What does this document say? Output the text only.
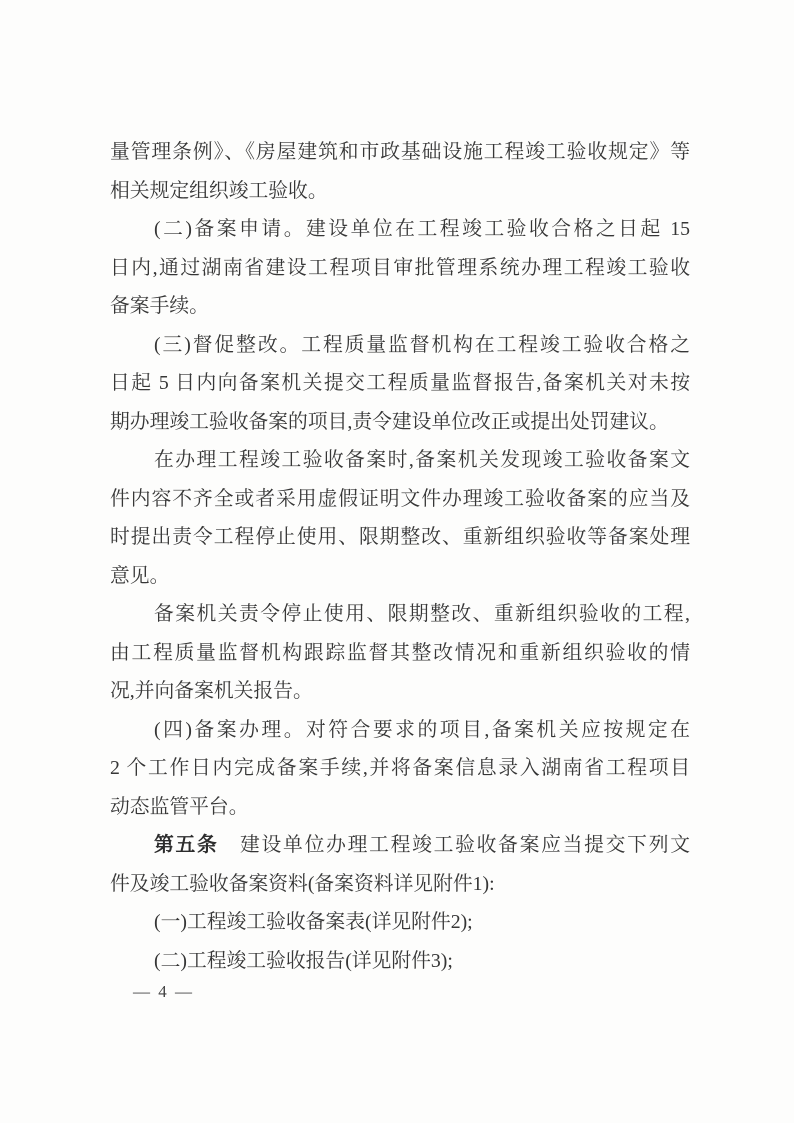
量管理条例》、《房屋建筑和市政基础设施工程竣工验收规定》等
相关规定组织竣工验收。
(二)备案申请。建设单位在工程竣工验收合格之日起 15
日内,通过湖南省建设工程项目审批管理系统办理工程竣工验收
备案手续。
(三)督促整改。工程质量监督机构在工程竣工验收合格之
日起 5 日内向备案机关提交工程质量监督报告,备案机关对未按
期办理竣工验收备案的项目,责令建设单位改正或提出处罚建议。
在办理工程竣工验收备案时,备案机关发现竣工验收备案文
件内容不齐全或者采用虚假证明文件办理竣工验收备案的应当及
时提出责令工程停止使用、限期整改、重新组织验收等备案处理
意见。
备案机关责令停止使用、限期整改、重新组织验收的工程,
由工程质量监督机构跟踪监督其整改情况和重新组织验收的情
况,并向备案机关报告。
(四)备案办理。对符合要求的项目,备案机关应按规定在
2 个工作日内完成备案手续,并将备案信息录入湖南省工程项目
动态监管平台。
第五条　建设单位办理工程竣工验收备案应当提交下列文
件及竣工验收备案资料(备案资料详见附件1):
(一)工程竣工验收备案表(详见附件2);
(二)工程竣工验收报告(详见附件3);
— 4 —
